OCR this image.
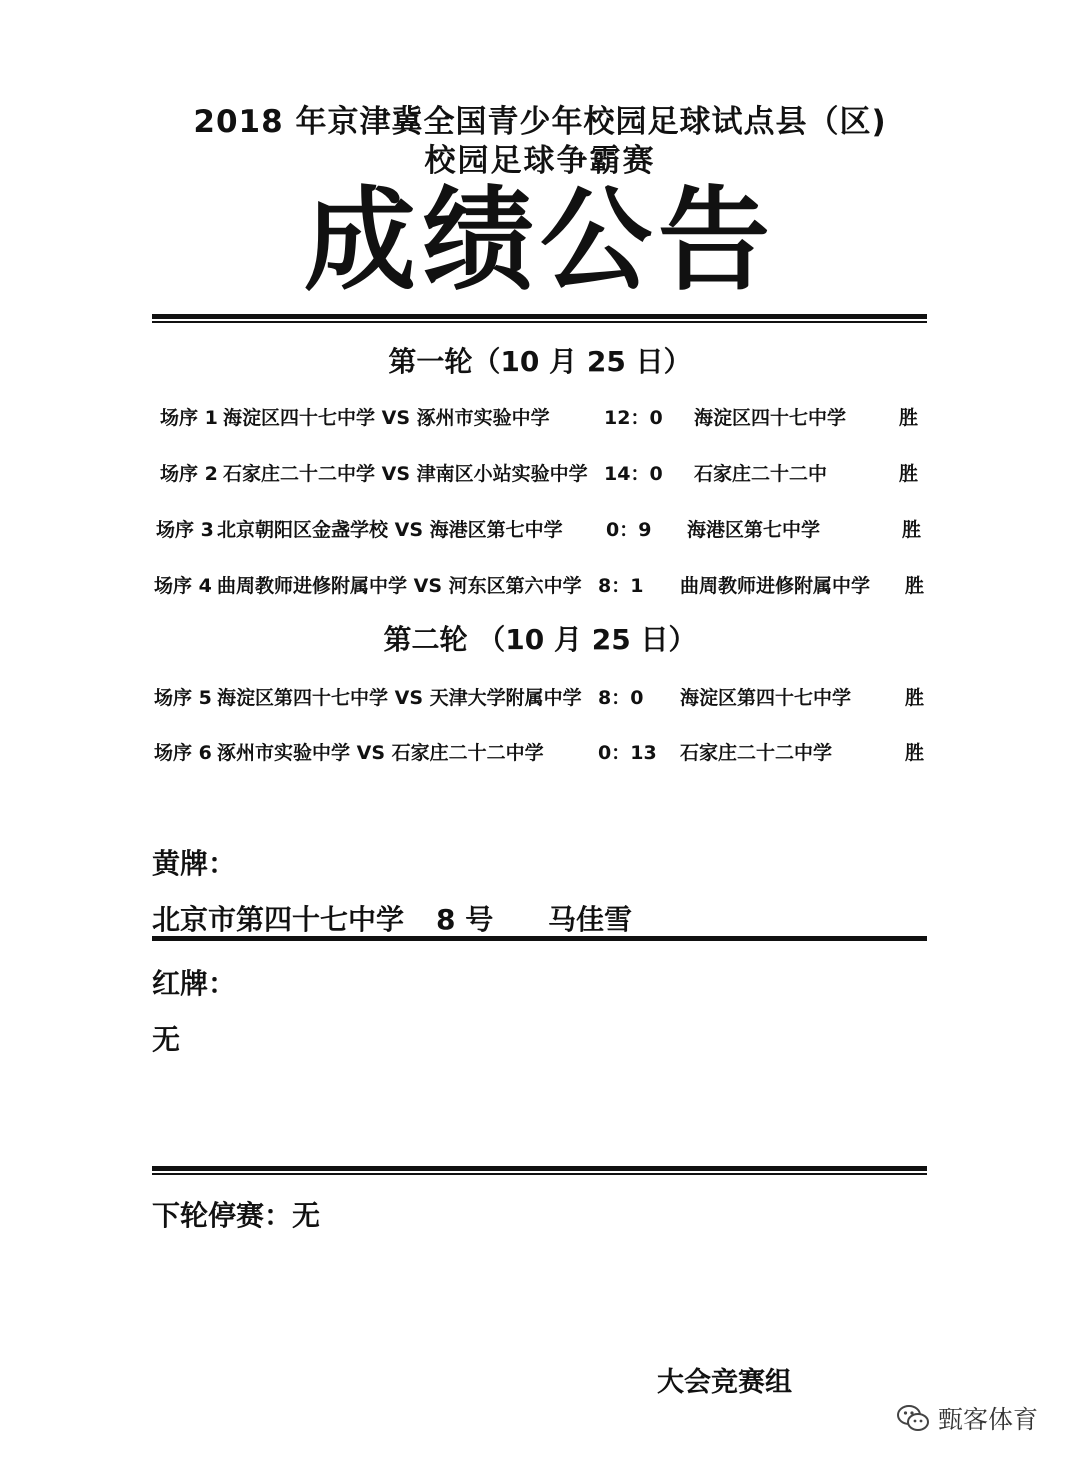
2018 年京津冀全国青少年校园足球试点县（区)
校园足球争霸赛
成绩公告
第一轮（10 月 25 日）
场序 1 海淀区四十七中学 VS 涿州市实验中学	12：0 海淀区四十七中学	胜
场序 2 石家庄二十二中学 VS 津南区小站实验中学 14：0 石家庄二十二中	胜
场序 3 北京朝阳区金盏学校 VS 海港区第七中学 0：9 海港区第七中学	胜
场序 4 曲周教师进修附属中学 VS 河东区第六中学 8：1 曲周教师进修附属中学 胜
第二轮 （10 月 25 日）
场序 5 海淀区第四十七中学 VS 天津大学附属中学 8：0 海淀区第四十七中学	胜
场序 6 涿州市实验中学 VS 石家庄二十二中学	0：13 石家庄二十二中学	胜
黄牌：
北京市第四十七中学 8 号 马佳雪
红牌：
无
下轮停赛：无
大会竞赛组
甄客体育
